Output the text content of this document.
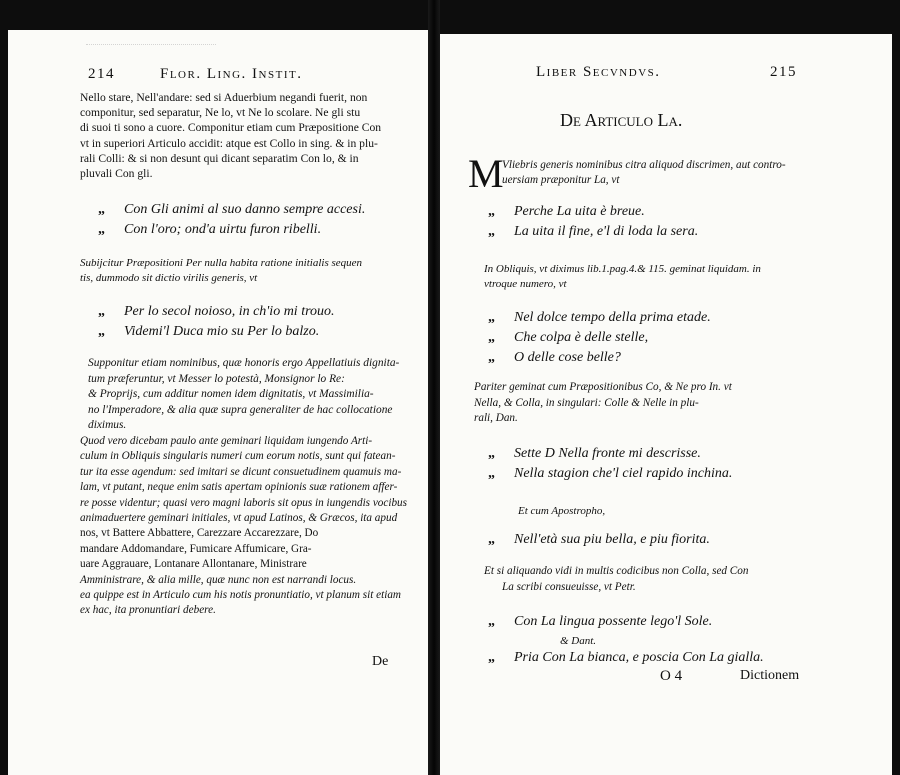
214	Flor. Ling. Instit.

Nello stare, Nell'andare: sed si Aduerbium negandi fuerit, non

componitur, sed separatur, Ne lo, vt Ne lo scolare. Ne gli stu

di suoi ti sono a cuore. Componitur etiam cum Præpositione Con

vt in superiori Articulo accidit: atque est Collo in sing. & in plu-

rali Colli: & si non desunt qui dicant separatim Con lo, & in

pluvali Con gli.

„ Con Gli animi al suo danno sempre accesi.
„ Con l'oro; ond'a uirtu furon ribelli.

Subijcitur Præpositioni Per nulla habita ratione initialis sequen

tis, dummodo sit dictio virilis generis, vt

„ Per lo secol noioso, in ch'io mi trouo.
„ Videmi'l Duca mio su Per lo balzo.

Supponitur etiam nominibus, quæ honoris ergo Appellatiuis dignita-

tum præferuntur, vt Messer lo potestà, Monsignor lo Re:

& Proprijs, cum additur nomen idem dignitatis, vt Massimilia-

no l'Imperadore, & alia quæ supra generaliter de hac collocatione

diximus.

Quod vero dicebam paulo ante geminari liquidam iungendo Arti-

culum in Obliquis singularis numeri cum eorum notis, sunt qui fatean-

tur ita esse agendum: sed imitari se dicunt consuetudinem quamuis ma-

lam, vt putant, neque enim satis apertam opinionis suæ rationem affer-

re posse videntur; quasi vero magni laboris sit opus in iungendis vocibus

animaduertere geminari initiales, vt apud Latinos, & Græcos, ita apud

nos, vt Battere Abbattere, Carezzare Accarezzare, Do

mandare Addomandare, Fumicare Affumicare, Gra-

uare Aggrauare, Lontanare Allontanare, Ministrare

Amministrare, & alia mille, quæ nunc non est narrandi locus.

ea quippe est in Articulo cum his notis pronuntiatio, vt planum sit etiam

ex hac, ita pronuntiari debere.

De
Liber Secvndvs.	215
De Articulo La.
M

Vliebris generis nominibus citra aliquod discrimen, aut contro-

uersiam præponitur La, vt

„ Perche La uita è breue.
„ La uita il fine, e'l di loda la sera.

In Obliquis, vt diximus lib.1.pag.4.& 115. geminat liquidam. in

vtroque numero, vt

„ Nel dolce tempo della prima etade.
„ Che colpa è delle stelle,
„ O delle cose belle?

Pariter geminat cum Præpositionibus Co, & Ne pro In. vt

Nella, & Colla, in singulari: Colle & Nelle in plu-

rali, Dan.

„ Sette D Nella fronte mi descrisse.
„ Nella stagion che'l ciel rapido inchina.
Et cum Apostropho,
„ Nell'età sua piu bella, e piu fiorita.

Et si aliquando vidi in multis codicibus non Colla, sed Con

La scribi consueuisse, vt Petr.

„ Con La lingua possente lego'l Sole.
& Dant.
„ Pria Con La bianca, e poscia Con La gialla.
O 4	Dictionem
